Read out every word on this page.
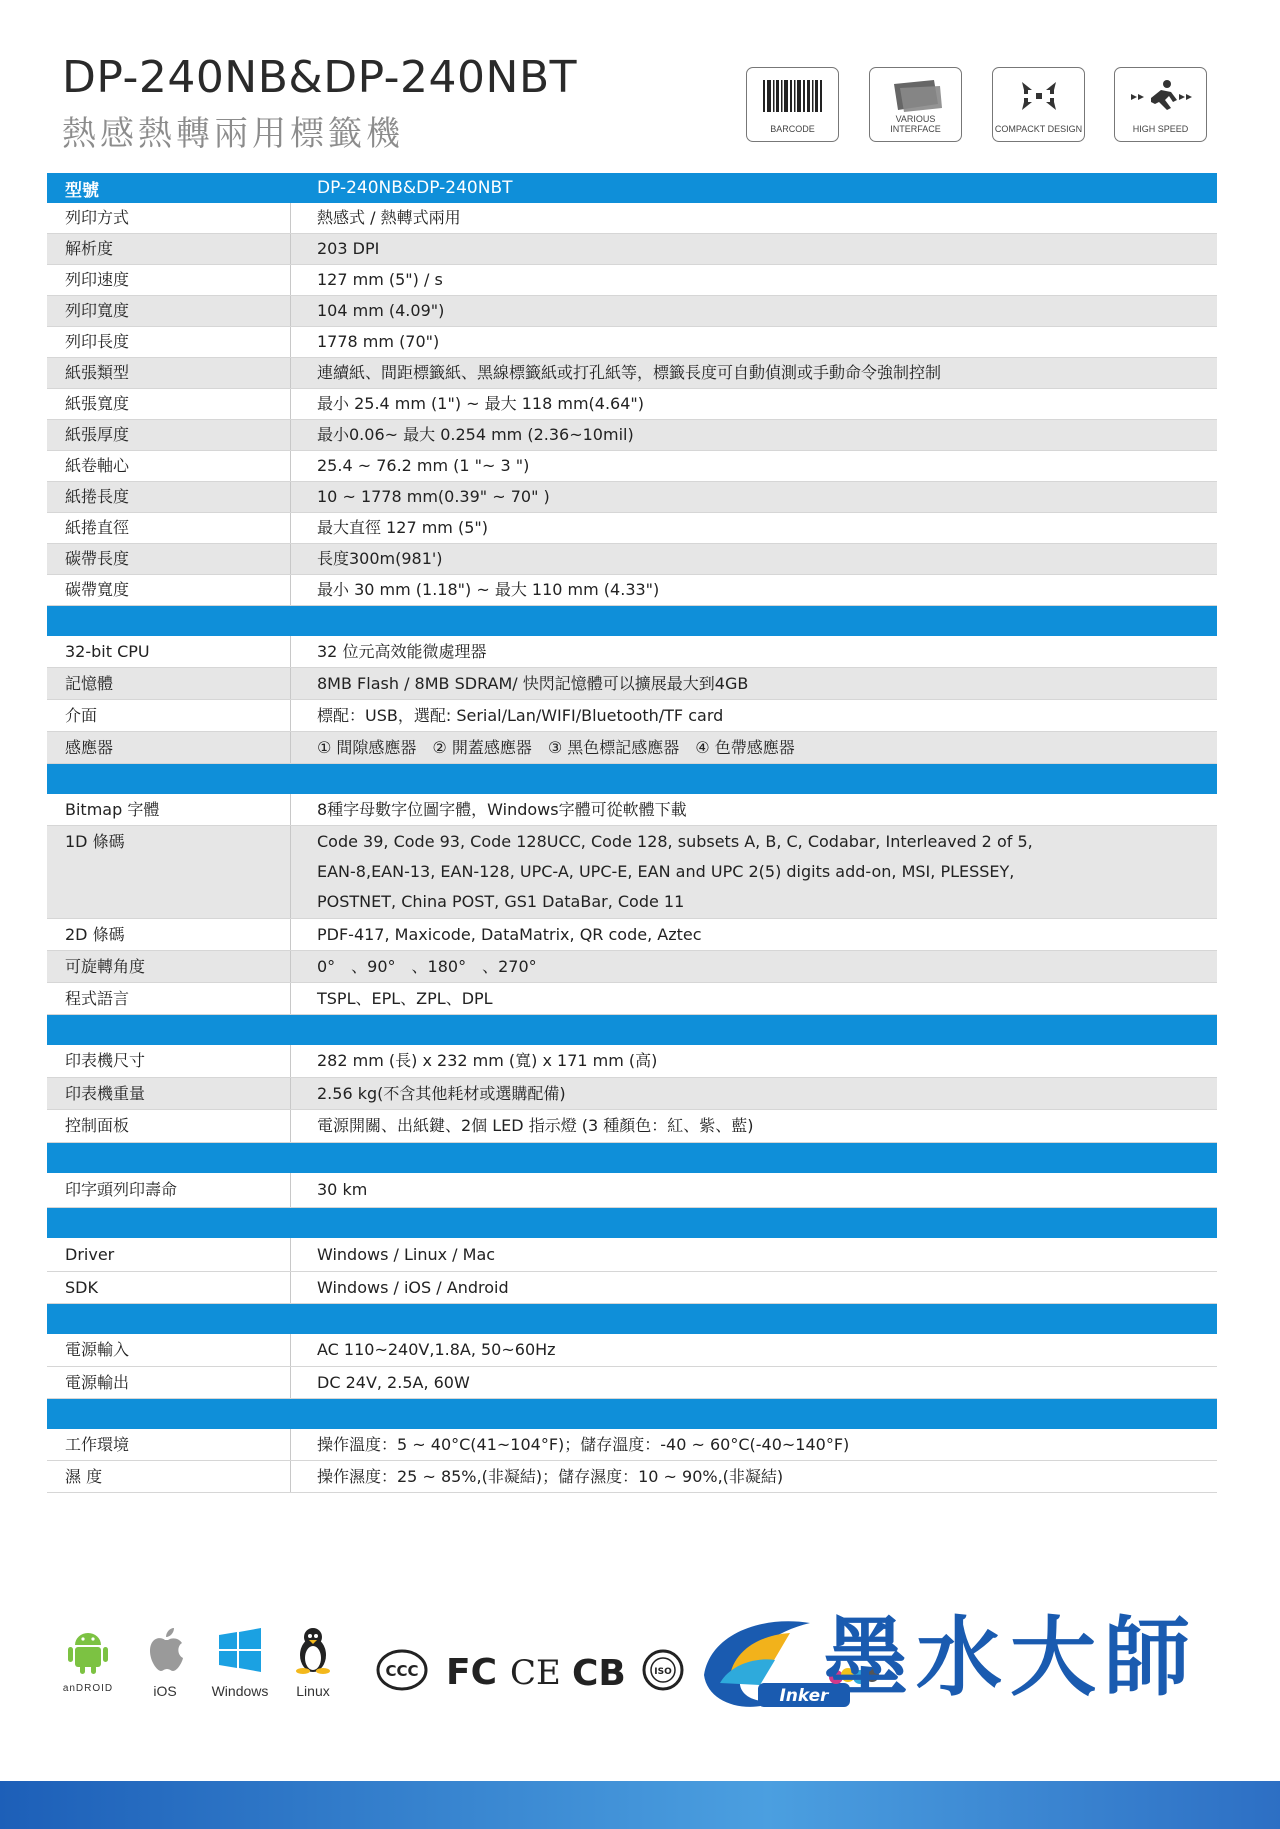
DP-240NB&DP-240NBT
熱感熱轉兩用標籤機	BARCODE
VARIOUS INTERFACE	COMPACKT DESIGN	HIGH SPEED
型號	DP-240NB&DP-240NBT
列印方式	熱感式 / 熱轉式兩用
解析度	203 DPI
列印速度	127 mm (5") / s
列印寬度	104 mm (4.09")
列印長度	1778 mm (70")
紙張類型	連續紙、間距標籤紙、黑線標籤紙或打孔紙等，標籤長度可自動偵測或手動命令強制控制
紙張寬度	最小 25.4 mm (1") ~ 最大 118 mm(4.64")
紙張厚度	最小0.06~ 最大 0.254 mm (2.36~10mil)
紙卷軸心	25.4 ~ 76.2 mm (1 "~ 3 ")
紙捲長度	10 ~ 1778 mm(0.39" ~ 70" )
紙捲直徑	最大直徑 127 mm (5")
碳帶長度	長度300m(981')
碳帶寬度	最小 30 mm (1.18") ~ 最大 110 mm (4.33")
32-bit CPU	32 位元高效能微處理器
記憶體	8MB Flash / 8MB SDRAM/ 快閃記憶體可以擴展最大到4GB
介面	標配：USB，選配: Serial/Lan/WIFI/Bluetooth/TF card
感應器	① 間隙感應器　② 開蓋感應器　③ 黑色標記感應器　④ 色帶感應器
Bitmap 字體	8種字母數字位圖字體，Windows字體可從軟體下載
1D 條碼	Code 39, Code 93, Code 128UCC, Code 128, subsets A, B, C, Codabar, Interleaved 2 of 5,
EAN-8,EAN-13, EAN-128, UPC-A, UPC-E, EAN and UPC 2(5) digits add-on, MSI, PLESSEY,
POSTNET, China POST, GS1 DataBar, Code 11
2D 條碼	PDF-417, Maxicode, DataMatrix, QR code, Aztec
可旋轉角度	0°　、90°　、180°　、270°
程式語言	TSPL、EPL、ZPL、DPL
印表機尺寸	282 mm (長) x 232 mm (寬) x 171 mm (高)
印表機重量	2.56 kg(不含其他耗材或選購配備)
控制面板	電源開關、出紙鍵、2個 LED 指示燈 (3 種顏色：紅、紫、藍)
印字頭列印壽命	30 km
Driver	Windows / Linux / Mac
SDK	Windows / iOS / Android
電源輸入	AC 110~240V,1.8A, 50~60Hz
電源輸出	DC 24V, 2.5A, 60W
工作環境	操作溫度：5 ~ 40°C(41~104°F)；儲存溫度：-40 ~ 60°C(-40~140°F)
濕 度	操作濕度：25 ~ 85%,(非凝結)；儲存濕度：10 ~ 90%,(非凝結)
anDROID	iOS	Windows	Linux
CCC FC CE CB	ISO
Inker
墨水大師
